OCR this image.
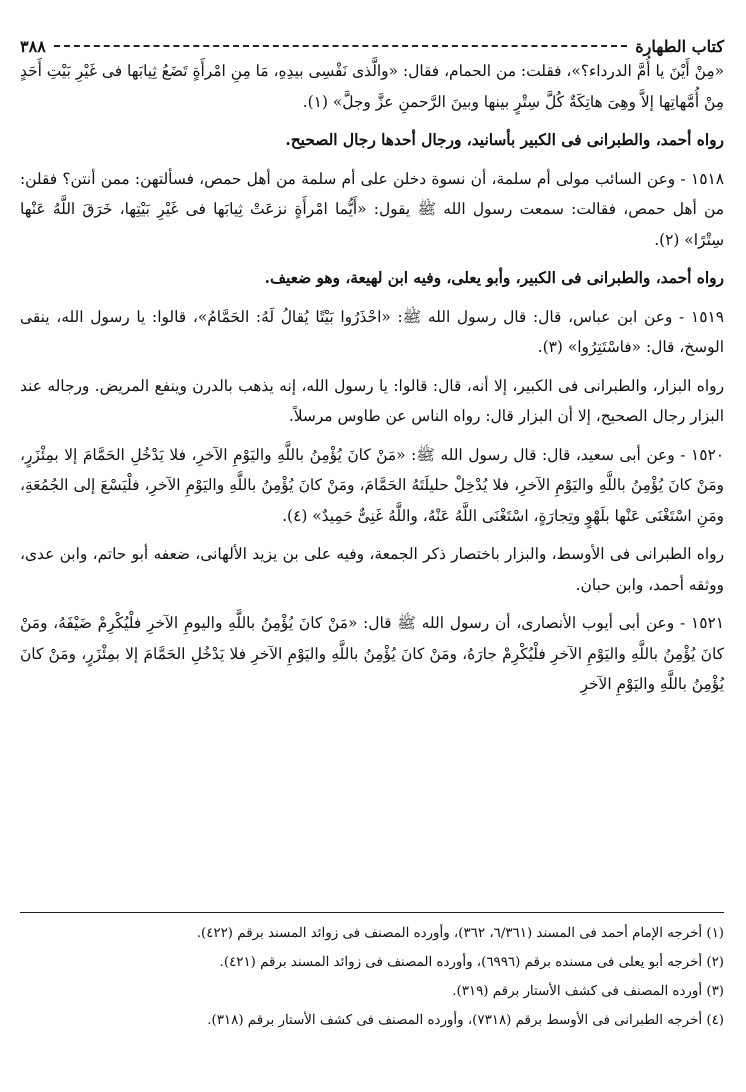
كتاب الطهارة
٣٨٨

«مِنْ أَيْنَ يا أُمَّ الدرداء؟»، فقلت: من الحمام، فقال: «والَّذى نَفْسِى بيدِهِ، مَا مِنِ امْرأَةٍ تَضَعُ ثِيابَها فى غَيْرِ بَيْتِ أَحَدٍ مِنْ أُمَّهاتِها إلاَّ وهِىَ هاتِكَةٌ كُلَّ سِتْرٍ بينها وبينَ الرَّحمنِ عزَّ وجلَّ» (١).

رواه أحمد، والطبرانى فى الكبير بأسانيد، ورجال أحدها رجال الصحيح.

١٥١٨ - وعن السائب مولى أم سلمة، أن نسوة دخلن على أم سلمة من أهل حمص، فسألتهن: ممن أنتن؟ فقلن: من أهل حمص، فقالت: سمعت رسول الله ﷺ يقول: «أَيُّما امْرأَةٍ نزعَتْ ثِيابَها فى غَيْرِ بَيْتِها، خَرَقَ اللَّهُ عَنْها سِتْرًا» (٢).

رواه أحمد، والطبرانى فى الكبير، وأبو يعلى، وفيه ابن لهيعة، وهو ضعيف.

١٥١٩ - وعن ابن عباس، قال: قال رسول الله ﷺ: «احْذَرُوا بَيْتًا يُقالُ لَهُ: الحَمَّامُ»، قالوا: يا رسول الله، ينقى الوسخ، قال: «فاسْتَتِرُوا» (٣).

رواه البزار، والطبرانى فى الكبير، إلا أنه، قال: قالوا: يا رسول الله، إنه يذهب بالدرن وينفع المريض. ورجاله عند البزار رجال الصحيح، إلا أن البزار قال: رواه الناس عن طاوس مرسلاً.

١٥٢٠ - وعن أبى سعيد، قال: قال رسول الله ﷺ: «مَنْ كانَ يُؤْمِنُ باللَّهِ واليَوْمِ الآخرِ، فلا يَدْخُلِ الحَمَّامَ إلا بمِئْزَرٍ، ومَنْ كانَ يُؤْمِنُ باللَّهِ واليَوْمِ الآخرِ، فلا يُدْخِلْ حليلَتَهُ الحَمَّامَ، ومَنْ كانَ يُؤْمِنُ باللَّهِ واليَوْمِ الآخرِ، فلْيَسْعَ إلى الجُمُعَةِ، ومَنِ اسْتَغْنَى عَنْها بلَهْوٍ وتِجارَةٍ، اسْتَغْنَى اللَّهُ عَنْهُ، واللَّهُ غَنِىٌّ حَمِيدٌ» (٤).

رواه الطبرانى فى الأوسط، والبزار باختصار ذكر الجمعة، وفيه على بن يزيد الألهانى، ضعفه أبو حاتم، وابن عدى، ووثقه أحمد، وابن حبان.

١٥٢١ - وعن أبى أيوب الأنصارى، أن رسول الله ﷺ قال: «مَنْ كانَ يُؤْمِنُ باللَّهِ واليومِ الآخرِ فلْيُكْرِمْ ضَيْفَهُ، ومَنْ كانَ يُؤْمِنُ باللَّهِ واليَوْمِ الآخرِ فلْيُكْرِمْ جارَهُ، ومَنْ كانَ يُؤْمِنُ باللَّهِ واليَوْمِ الآخرِ فلا يَدْخُلِ الحَمَّامَ إلا بمِئْزَرٍ، ومَنْ كانَ يُؤْمِنُ باللَّهِ واليَوْمِ الآخرِ

(١) أخرجه الإمام أحمد فى المسند (٦/٣٦١، ٣٦٢)، وأورده المصنف فى زوائد المسند برقم (٤٢٢).

(٢) أخرجه أبو يعلى فى مسنده برقم (٦٩٩٦)، وأورده المصنف فى زوائد المسند برقم (٤٢١).

(٣) أورده المصنف فى كشف الأستار برقم (٣١٩).

(٤) أخرجه الطبرانى فى الأوسط برقم (٧٣١٨)، وأورده المصنف فى كشف الأستار برقم (٣١٨).
